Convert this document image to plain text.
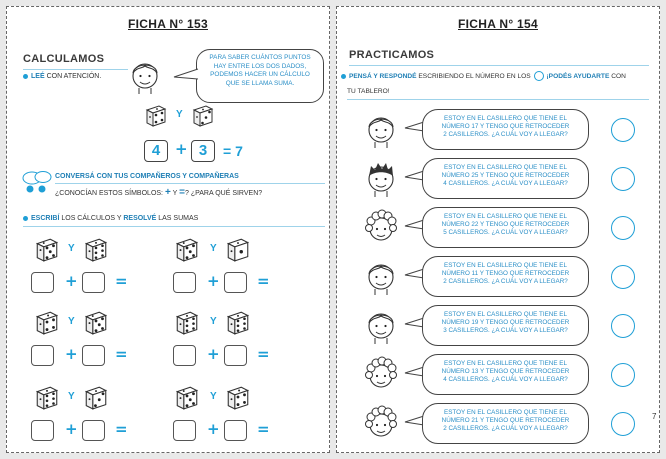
FICHA N° 153
CALCULAMOS
LEÉ CON ATENCIÓN.
PARA SABER CUÁNTOS PUNTOS
HAY ENTRE LOS DOS DADOS,
PODEMOS HACER UN CÁLCULO
QUE SE LLAMA SUMA.
Y
4 + 3	= 7
CONVERSÁ CON TUS COMPAÑEROS Y COMPAÑERAS
¿CONOCÍAN ESTOS SÍMBOLOS: + Y =? ¿PARA QUÉ SIRVEN?
ESCRIBÍ LOS CÁLCULOS Y RESOLVÉ LAS SUMAS
Y
+ =
Y
+ =
Y
+ =
Y
+ =
Y
+ =
Y
+ =
FICHA N° 154
PRACTICAMOS
PENSÁ Y RESPONDÉ ESCRIBIENDO EL NÚMERO EN LOS ¡PODÉS AYUDARTE CON
TU TABLERO!
ESTOY EN EL CASILLERO QUE TIENE EL
NÚMERO 17 Y TENGO QUE RETROCEDER
2 CASILLEROS. ¿A CUÁL VOY A LLEGAR?
ESTOY EN EL CASILLERO QUE TIENE EL
NÚMERO 25 Y TENGO QUE RETROCEDER
4 CASILLEROS. ¿A CUÁL VOY A LLEGAR?
ESTOY EN EL CASILLERO QUE TIENE EL
NÚMERO 22 Y TENGO QUE RETROCEDER
5 CASILLEROS. ¿A CUÁL VOY A LLEGAR?
ESTOY EN EL CASILLERO QUE TIENE EL
NÚMERO 11 Y TENGO QUE RETROCEDER
2 CASILLEROS. ¿A CUÁL VOY A LLEGAR?
ESTOY EN EL CASILLERO QUE TIENE EL
NÚMERO 19 Y TENGO QUE RETROCEDER
3 CASILLEROS. ¿A CUÁL VOY A LLEGAR?
ESTOY EN EL CASILLERO QUE TIENE EL
NÚMERO 13 Y TENGO QUE RETROCEDER
4 CASILLEROS. ¿A CUÁL VOY A LLEGAR?
ESTOY EN EL CASILLERO QUE TIENE EL
NÚMERO 21 Y TENGO QUE RETROCEDER
2 CASILLEROS. ¿A CUÁL VOY A LLEGAR?
7
